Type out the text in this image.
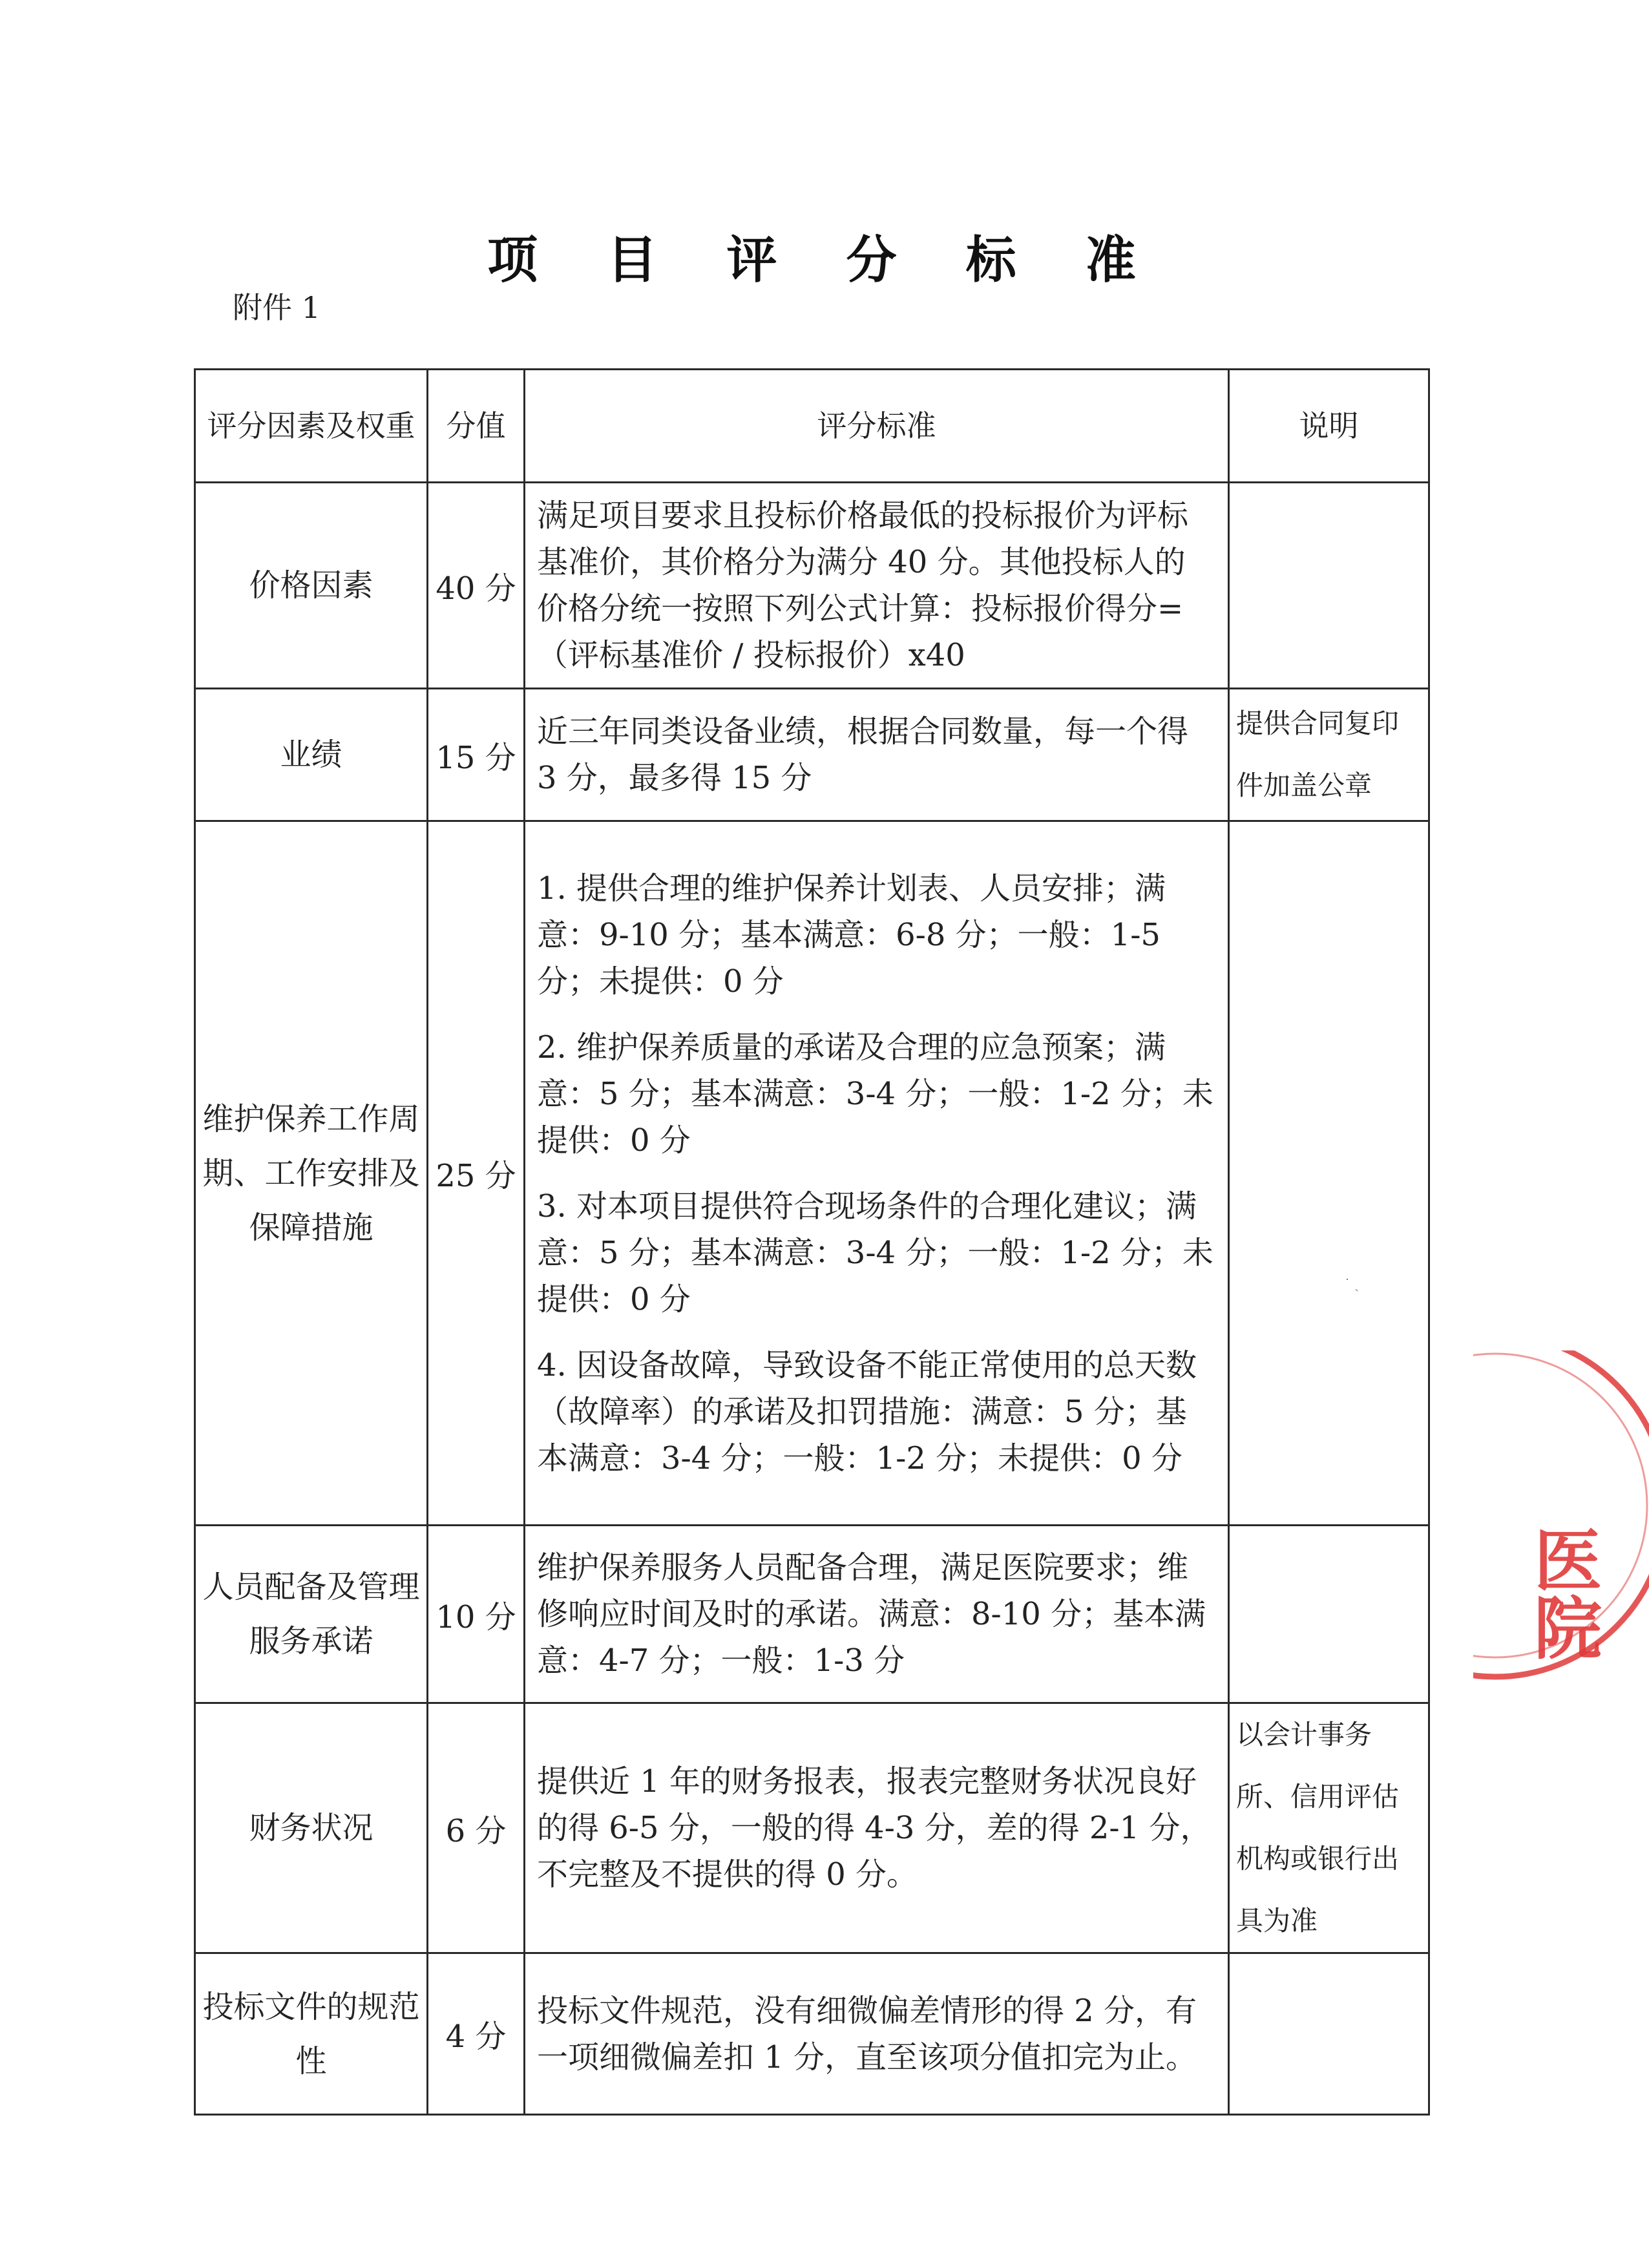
项 目 评 分 标 准
附件 1
评分因素及权重	分值	评分标准	说明
价格因素	40 分	满足项目要求且投标价格最低的投标报价为评标基准价，其价格分为满分 40 分。其他投标人的价格分统一按照下列公式计算：投标报价得分=（评标基准价 / 投标报价）x40	

业绩	15 分	近三年同类设备业绩，根据合同数量，每一个得 3 分，最多得 15 分	提供合同复印件加盖公章
维护保养工作周期、工作安排及保障措施	25 分	1. 提供合理的维护保养计划表、人员安排；满意：9-10 分；基本满意：6-8 分；一般：1-5 分；未提供：0 分

2. 维护保养质量的承诺及合理的应急预案；满意：5 分；基本满意：3-4 分；一般：1-2 分；未提供：0 分

3. 对本项目提供符合现场条件的合理化建议；满意：5 分；基本满意：3-4 分；一般：1-2 分；未提供：0 分

4. 因设备故障，导致设备不能正常使用的总天数（故障率）的承诺及扣罚措施：满意：5 分；基本满意：3-4 分；一般：1-2 分；未提供：0 分	

人员配备及管理服务承诺	10 分	维护保养服务人员配备合理，满足医院要求；维修响应时间及时的承诺。满意：8-10 分；基本满意：4-7 分；一般：1-3 分	

财务状况	6 分	提供近 1 年的财务报表，报表完整财务状况良好的得 6-5 分，一般的得 4-3 分，差的得 2-1 分，不完整及不提供的得 0 分。	以会计事务所、信用评估机构或银行出具为准
投标文件的规范性	4 分	投标文件规范，没有细微偏差情形的得 2 分，有一项细微偏差扣 1 分，直至该项分值扣完为止。	

˙ ˎ
医院
